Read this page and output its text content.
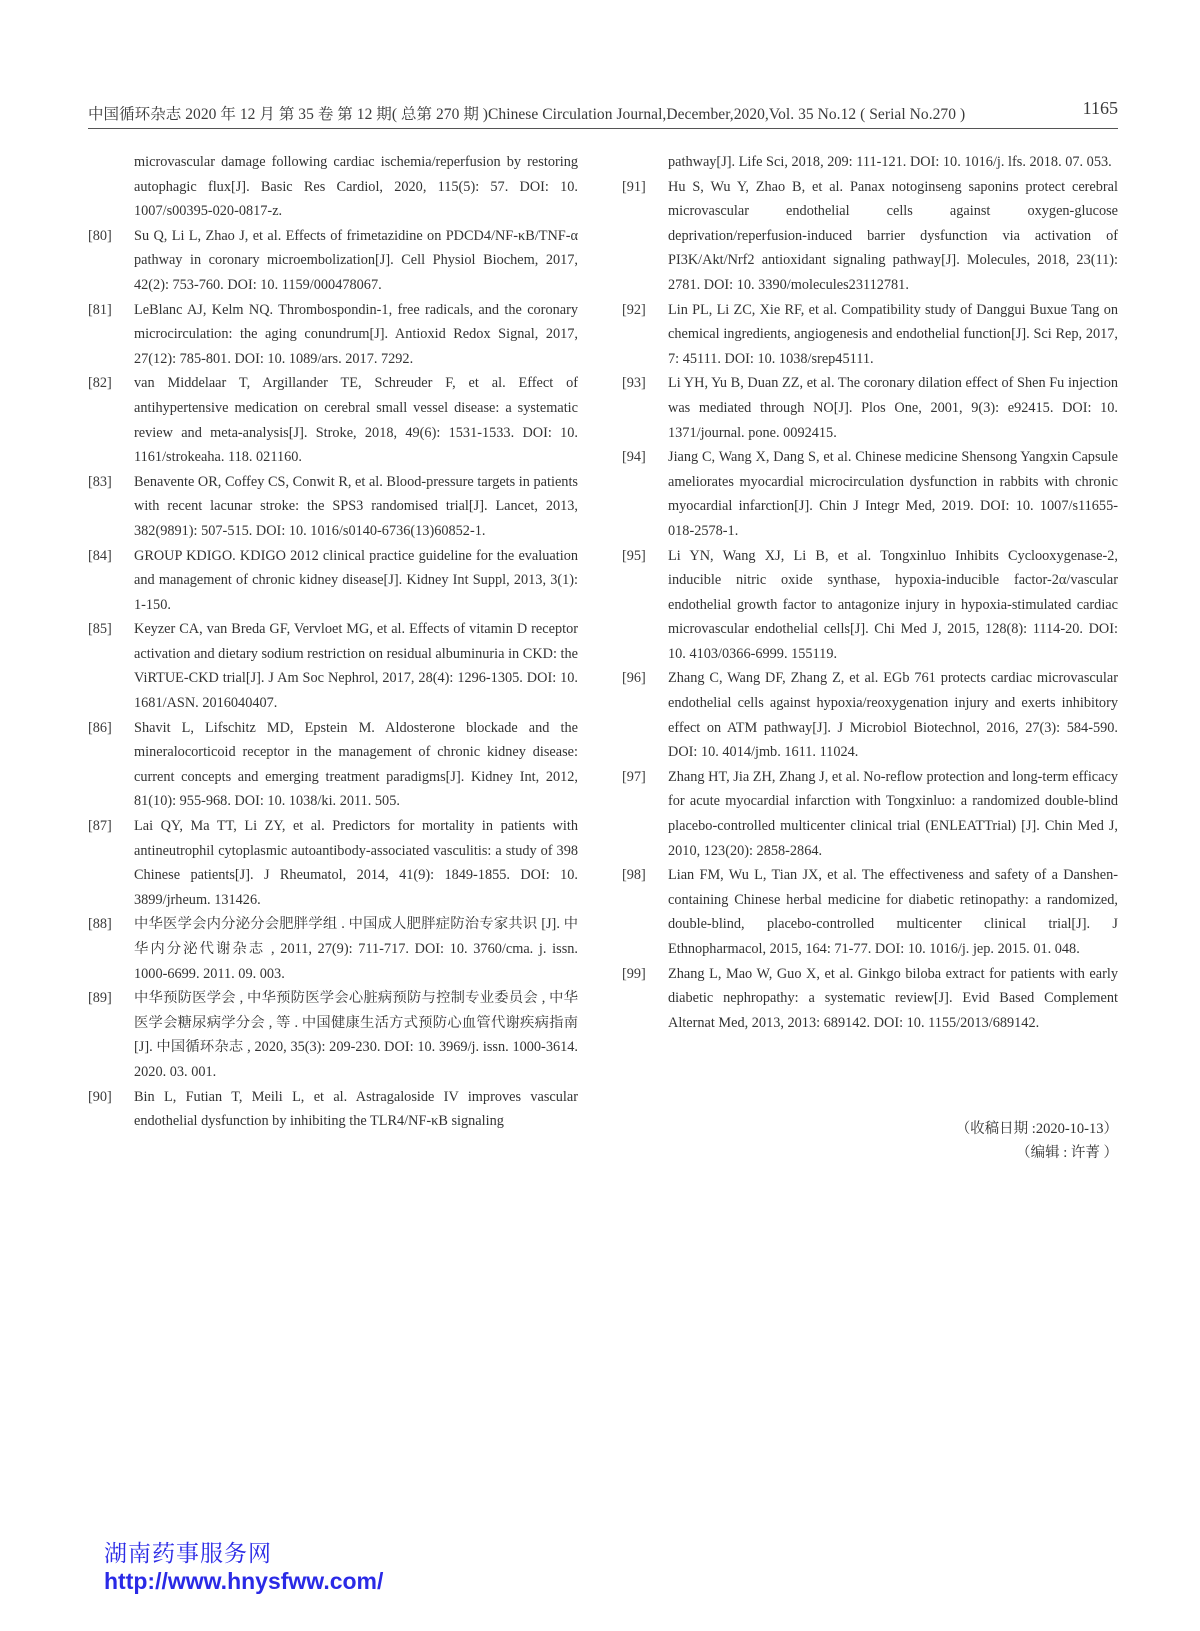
中国循环杂志 2020 年 12 月 第 35 卷 第 12 期( 总第 270 期 )Chinese Circulation Journal,December,2020,Vol. 35 No.12 ( Serial No.270 )	1165
microvascular damage following cardiac ischemia/reperfusion by restoring autophagic flux[J]. Basic Res Cardiol, 2020, 115(5): 57. DOI: 10. 1007/s00395-020-0817-z.
[80]	Su Q, Li L, Zhao J, et al. Effects of frimetazidine on PDCD4/NF-κB/TNF-α pathway in coronary microembolization[J]. Cell Physiol Biochem, 2017, 42(2): 753-760. DOI: 10. 1159/000478067.
[81]	LeBlanc AJ, Kelm NQ. Thrombospondin-1, free radicals, and the coronary microcirculation: the aging conundrum[J]. Antioxid Redox Signal, 2017, 27(12): 785-801. DOI: 10. 1089/ars. 2017. 7292.
[82]	van Middelaar T, Argillander TE, Schreuder F, et al. Effect of antihypertensive medication on cerebral small vessel disease: a systematic review and meta-analysis[J]. Stroke, 2018, 49(6): 1531-1533. DOI: 10. 1161/strokeaha. 118. 021160.
[83]	Benavente OR, Coffey CS, Conwit R, et al. Blood-pressure targets in patients with recent lacunar stroke: the SPS3 randomised trial[J]. Lancet, 2013, 382(9891): 507-515. DOI: 10. 1016/s0140-6736(13)60852-1.
[84]	GROUP KDIGO. KDIGO 2012 clinical practice guideline for the evaluation and management of chronic kidney disease[J]. Kidney Int Suppl, 2013, 3(1): 1-150.
[85]	Keyzer CA, van Breda GF, Vervloet MG, et al. Effects of vitamin D receptor activation and dietary sodium restriction on residual albuminuria in CKD: the ViRTUE-CKD trial[J]. J Am Soc Nephrol, 2017, 28(4): 1296-1305. DOI: 10. 1681/ASN. 2016040407.
[86]	Shavit L, Lifschitz MD, Epstein M. Aldosterone blockade and the mineralocorticoid receptor in the management of chronic kidney disease: current concepts and emerging treatment paradigms[J]. Kidney Int, 2012, 81(10): 955-968. DOI: 10. 1038/ki. 2011. 505.
[87]	Lai QY, Ma TT, Li ZY, et al. Predictors for mortality in patients with antineutrophil cytoplasmic autoantibody-associated vasculitis: a study of 398 Chinese patients[J]. J Rheumatol, 2014, 41(9): 1849-1855. DOI: 10. 3899/jrheum. 131426.
[88]	中华医学会内分泌分会肥胖学组 . 中国成人肥胖症防治专家共识 [J]. 中华内分泌代谢杂志 , 2011, 27(9): 711-717. DOI: 10. 3760/cma. j. issn. 1000-6699. 2011. 09. 003.
[89]	中华预防医学会 , 中华预防医学会心脏病预防与控制专业委员会 , 中华医学会糖尿病学分会 , 等 . 中国健康生活方式预防心血管代谢疾病指南 [J]. 中国循环杂志 , 2020, 35(3): 209-230. DOI: 10. 3969/j. issn. 1000-3614. 2020. 03. 001.
[90]	Bin L, Futian T, Meili L, et al. Astragaloside IV improves vascular endothelial dysfunction by inhibiting the TLR4/NF-κB signaling
pathway[J]. Life Sci, 2018, 209: 111-121. DOI: 10. 1016/j. lfs. 2018. 07. 053.
[91]	Hu S, Wu Y, Zhao B, et al. Panax notoginseng saponins protect cerebral microvascular endothelial cells against oxygen-glucose deprivation/reperfusion-induced barrier dysfunction via activation of PI3K/Akt/Nrf2 antioxidant signaling pathway[J]. Molecules, 2018, 23(11): 2781. DOI: 10. 3390/molecules23112781.
[92]	Lin PL, Li ZC, Xie RF, et al. Compatibility study of Danggui Buxue Tang on chemical ingredients, angiogenesis and endothelial function[J]. Sci Rep, 2017, 7: 45111. DOI: 10. 1038/srep45111.
[93]	Li YH, Yu B, Duan ZZ, et al. The coronary dilation effect of Shen Fu injection was mediated through NO[J]. Plos One, 2001, 9(3): e92415. DOI: 10. 1371/journal. pone. 0092415.
[94]	Jiang C, Wang X, Dang S, et al. Chinese medicine Shensong Yangxin Capsule ameliorates myocardial microcirculation dysfunction in rabbits with chronic myocardial infarction[J]. Chin J Integr Med, 2019. DOI: 10. 1007/s11655-018-2578-1.
[95]	Li YN, Wang XJ, Li B, et al. Tongxinluo Inhibits Cyclooxygenase-2, inducible nitric oxide synthase, hypoxia-inducible factor-2α/vascular endothelial growth factor to antagonize injury in hypoxia-stimulated cardiac microvascular endothelial cells[J]. Chi Med J, 2015, 128(8): 1114-20. DOI: 10. 4103/0366-6999. 155119.
[96]	Zhang C, Wang DF, Zhang Z, et al. EGb 761 protects cardiac microvascular endothelial cells against hypoxia/reoxygenation injury and exerts inhibitory effect on ATM pathway[J]. J Microbiol Biotechnol, 2016, 27(3): 584-590. DOI: 10. 4014/jmb. 1611. 11024.
[97]	Zhang HT, Jia ZH, Zhang J, et al. No-reflow protection and long-term efficacy for acute myocardial infarction with Tongxinluo: a randomized double-blind placebo-controlled multicenter clinical trial (ENLEATTrial) [J]. Chin Med J, 2010, 123(20): 2858-2864.
[98]	Lian FM, Wu L, Tian JX, et al. The effectiveness and safety of a Danshen-containing Chinese herbal medicine for diabetic retinopathy: a randomized, double-blind, placebo-controlled multicenter clinical trial[J]. J Ethnopharmacol, 2015, 164: 71-77. DOI: 10. 1016/j. jep. 2015. 01. 048.
[99]	Zhang L, Mao W, Guo X, et al. Ginkgo biloba extract for patients with early diabetic nephropathy: a systematic review[J]. Evid Based Complement Alternat Med, 2013, 2013: 689142. DOI: 10. 1155/2013/689142.
（收稿日期 :2020-10-13）
（编辑 : 许菁 ）
湖南药事服务网
http://www.hnysfww.com/
